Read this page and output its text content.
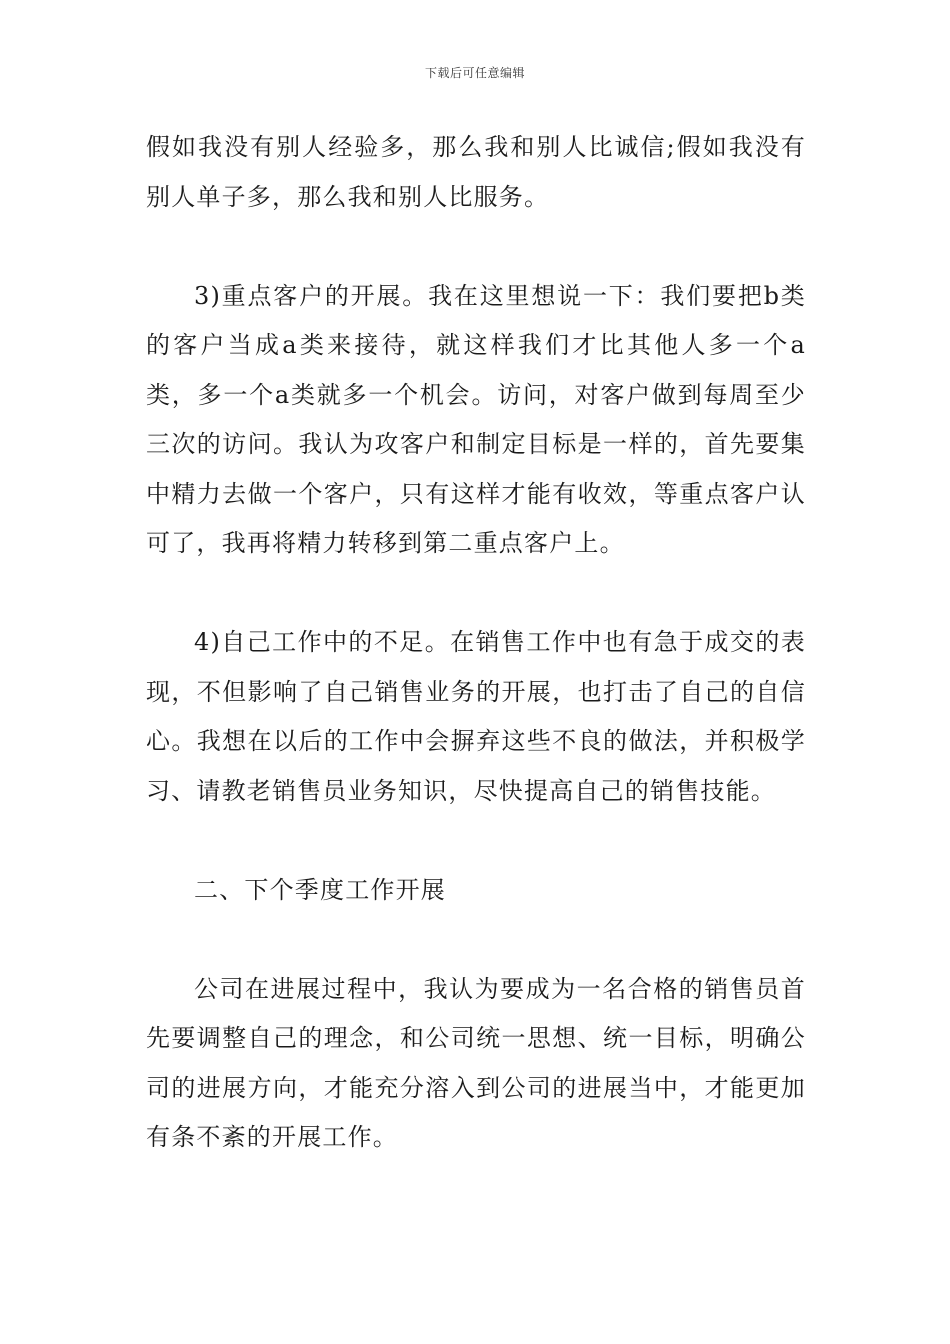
下载后可任意编辑

假如我没有别人经验多，那么我和别人比诚信;假如我没有别人单子多，那么我和别人比服务。

3)重点客户的开展。我在这里想说一下：我们要把b类的客户当成a类来接待，就这样我们才比其他人多一个a类，多一个a类就多一个机会。访问，对客户做到每周至少三次的访问。我认为攻客户和制定目标是一样的，首先要集中精力去做一个客户，只有这样才能有收效，等重点客户认可了，我再将精力转移到第二重点客户上。

4)自己工作中的不足。在销售工作中也有急于成交的表现，不但影响了自己销售业务的开展，也打击了自己的自信心。我想在以后的工作中会摒弃这些不良的做法，并积极学习、请教老销售员业务知识，尽快提高自己的销售技能。

二、下个季度工作开展

公司在进展过程中，我认为要成为一名合格的销售员首先要调整自己的理念，和公司统一思想、统一目标，明确公司的进展方向，才能充分溶入到公司的进展当中，才能更加有条不紊的开展工作。
